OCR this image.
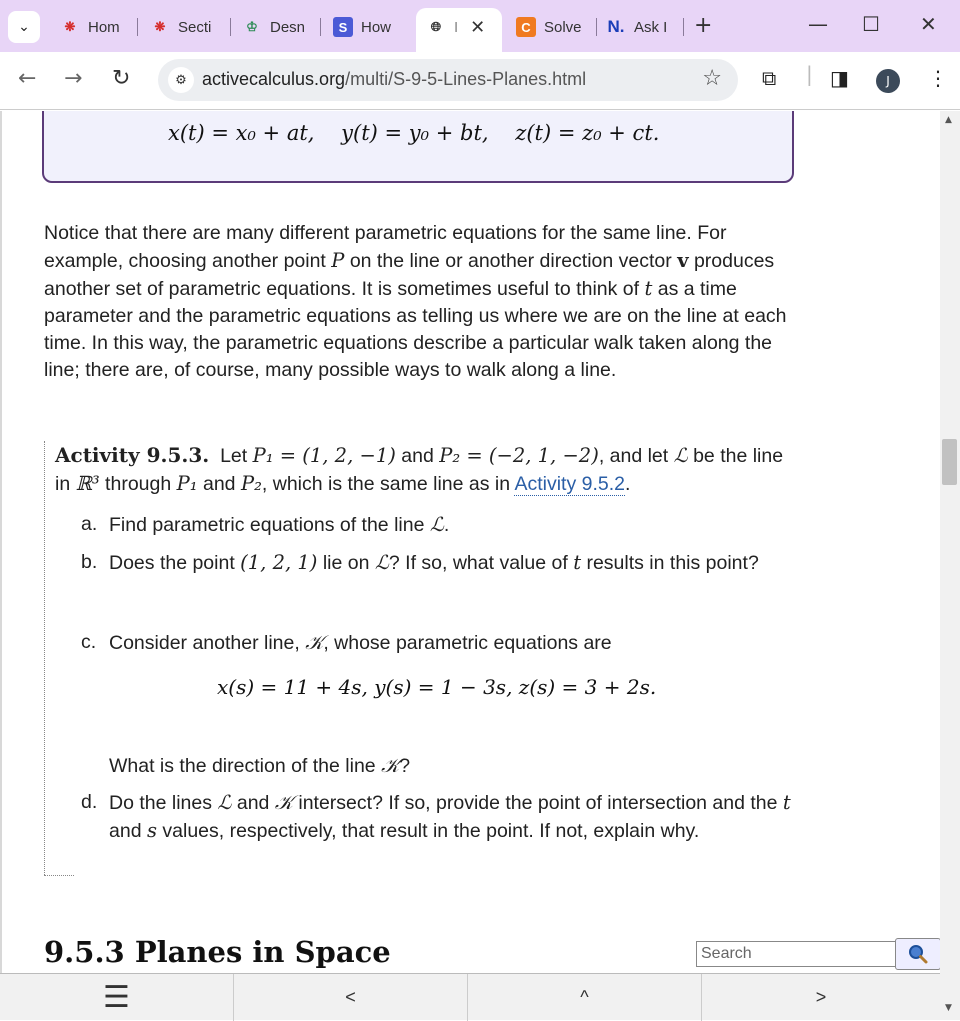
⌄	❋ Hom	❋ Secti	♔ Desn	S How	🌐︎ I ✕	C Solve N. Ask I +	— ☐ ✕
← → ↻	⚙ activecalculus.org/multi/S-9-5-Lines-Planes.html	☆ ⧉ | ◨	J ⋮
x(t) = x₀ + at, y(t) = y₀ + bt, z(t) = z₀ + ct.
Notice that there are many different parametric equations for the same line. For example, choosing another point P on the line or another direction vector v produces another set of parametric equations. It is sometimes useful to think of t as a time parameter and the parametric equations as telling us where we are on the line at each time. In this way, the parametric equations describe a particular walk taken along the line; there are, of course, many possible ways to walk along a line.
Activity 9.5.3. Let P₁ = (1, 2, −1) and P₂ = (−2, 1, −2), and let ℒ be the line in ℝ³ through P₁ and P₂, which is the same line as in Activity 9.5.2.
a. Find parametric equations of the line ℒ.
b. Does the point (1, 2, 1) lie on ℒ? If so, what value of t results in this point?
c. Consider another line, 𝒦, whose parametric equations are
x(s) = 11 + 4s, y(s) = 1 − 3s, z(s) = 3 + 2s.
What is the direction of the line 𝒦?
d. Do the lines ℒ and 𝒦 intersect? If so, provide the point of intersection and the t and s values, respectively, that result in the point. If not, explain why.
9.5.3 Planes in Space	Search
▲
▼
☰	<	^	>
